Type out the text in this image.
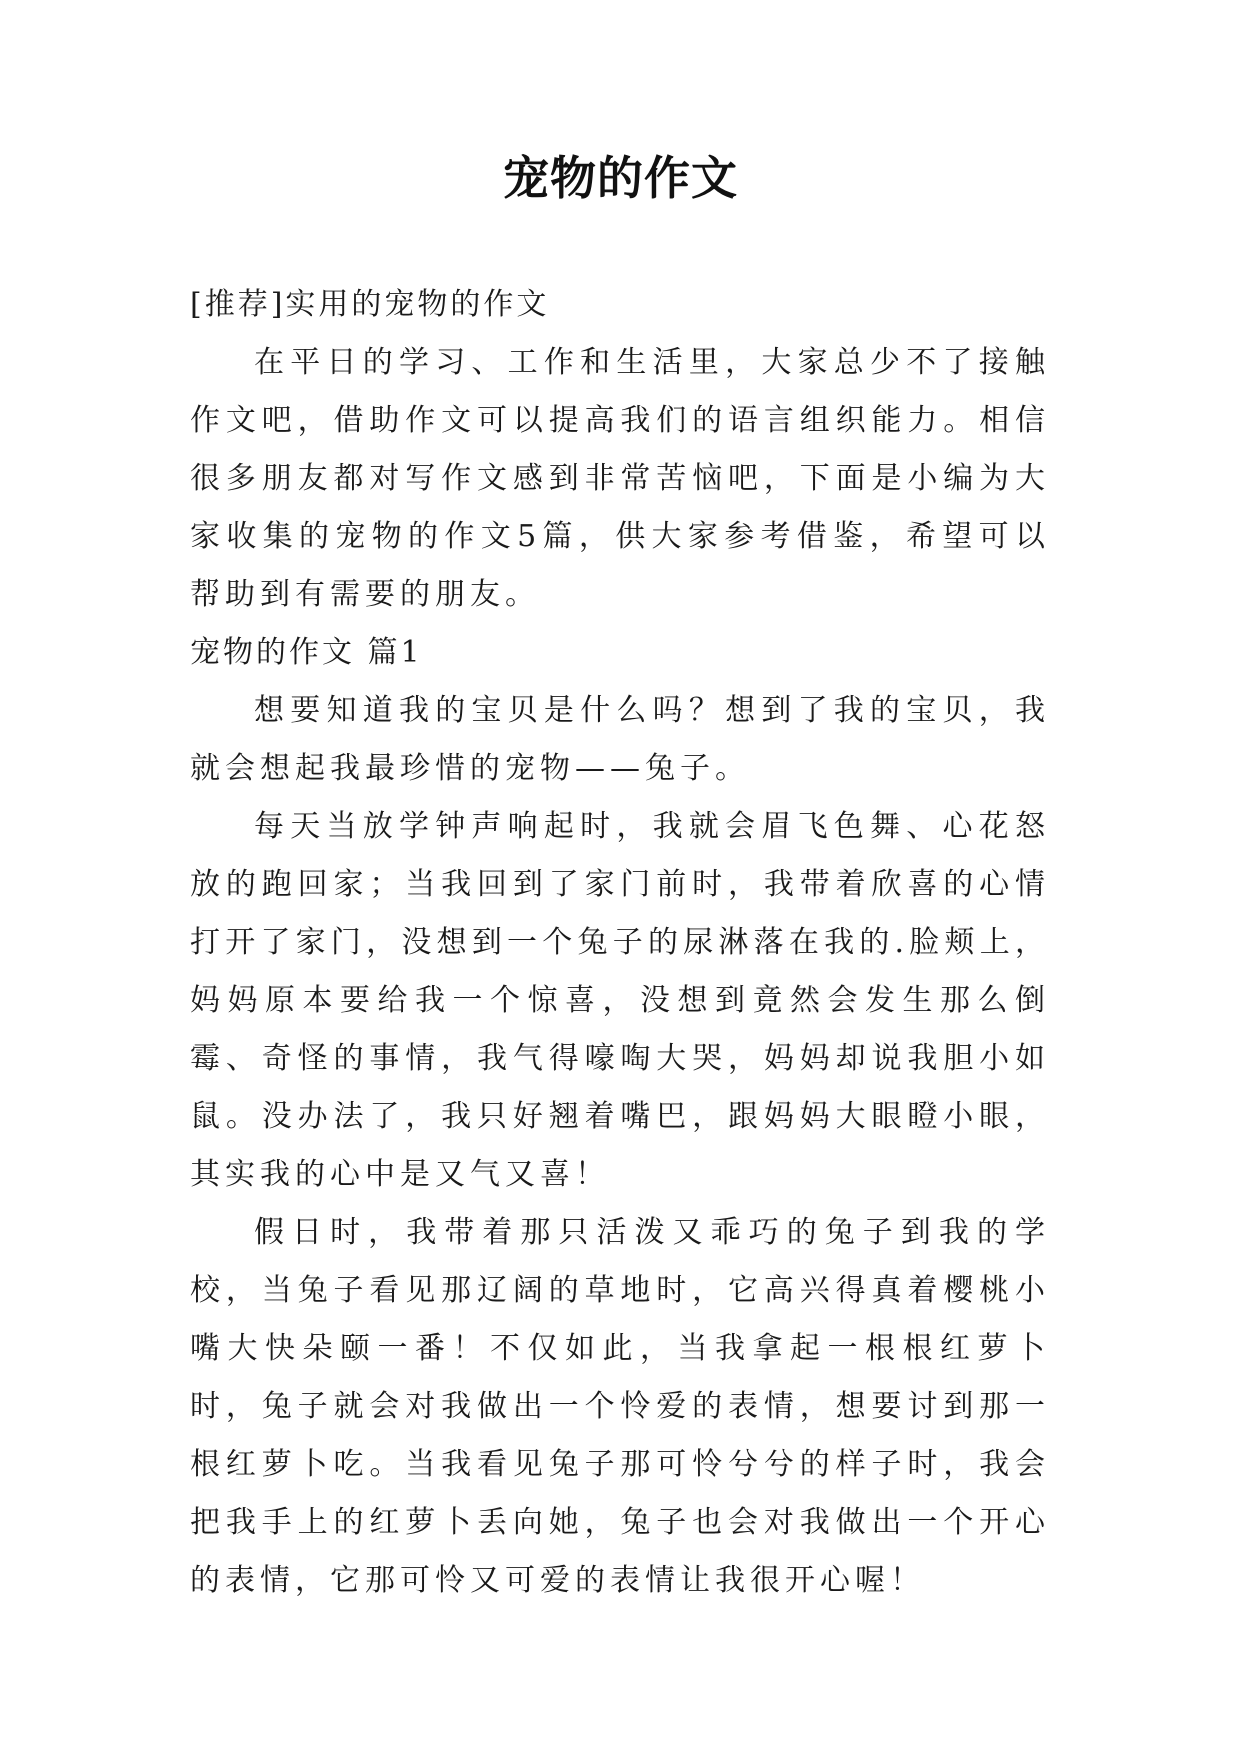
宠物的作文

[推荐]实用的宠物的作文

在平日的学习、工作和生活里，大家总少不了接触作文吧，借助作文可以提高我们的语言组织能力。相信很多朋友都对写作文感到非常苦恼吧，下面是小编为大家收集的宠物的作文5篇，供大家参考借鉴，希望可以帮助到有需要的朋友。

宠物的作文 篇1

想要知道我的宝贝是什么吗？想到了我的宝贝，我就会想起我最珍惜的宠物——兔子。

每天当放学钟声响起时，我就会眉飞色舞、心花怒放的跑回家；当我回到了家门前时，我带着欣喜的心情打开了家门，没想到一个兔子的尿淋落在我的.脸颊上，妈妈原本要给我一个惊喜，没想到竟然会发生那么倒霉、奇怪的事情，我气得嚎啕大哭，妈妈却说我胆小如鼠。没办法了，我只好翘着嘴巴，跟妈妈大眼瞪小眼，其实我的心中是又气又喜！

假日时，我带着那只活泼又乖巧的兔子到我的学校，当兔子看见那辽阔的草地时，它高兴得真着樱桃小嘴大快朵颐一番！不仅如此，当我拿起一根根红萝卜时，兔子就会对我做出一个怜爱的表情，想要讨到那一根红萝卜吃。当我看见兔子那可怜兮兮的样子时，我会把我手上的红萝卜丢向她，兔子也会对我做出一个开心的表情，它那可怜又可爱的表情让我很开心喔！
